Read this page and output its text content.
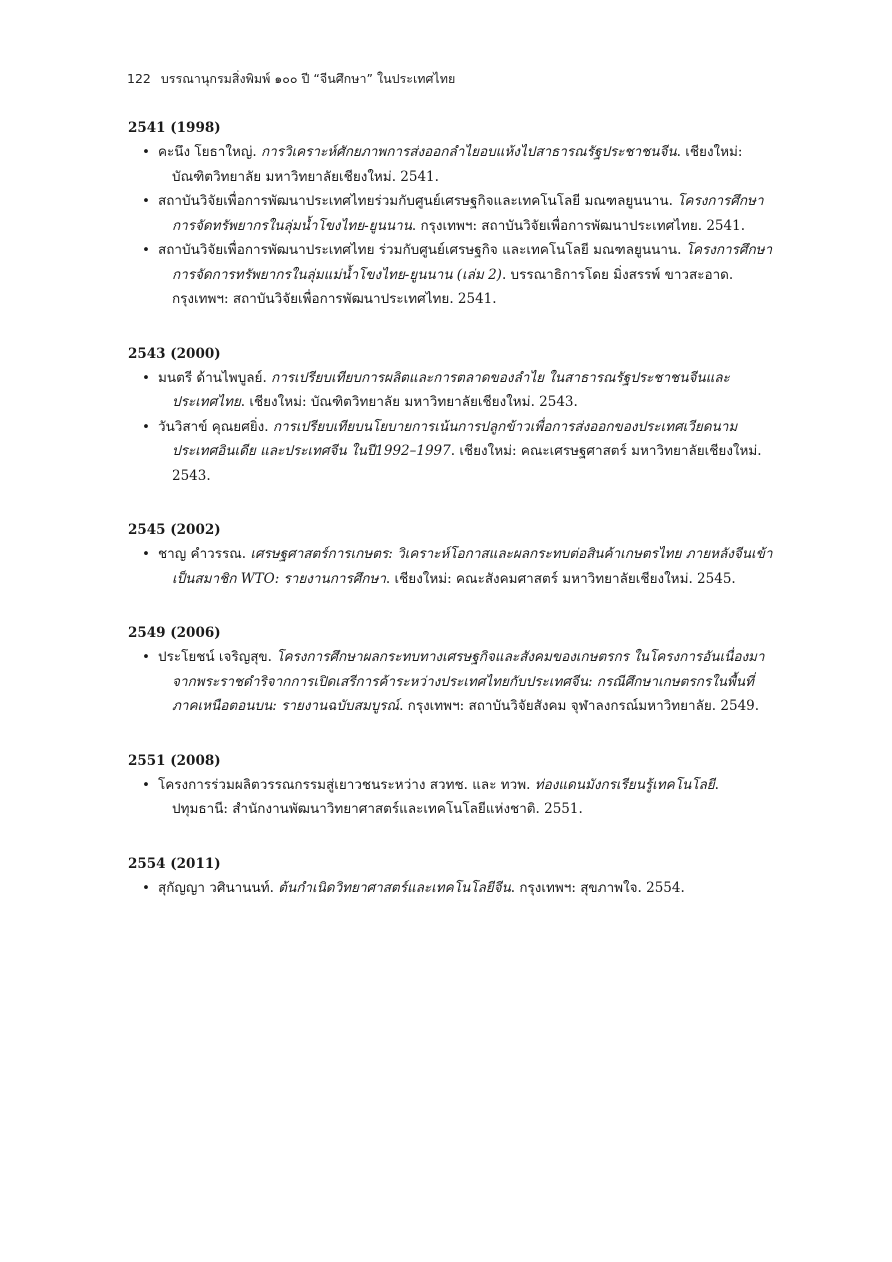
122 บรรณานุกรมสิ่งพิมพ์ ๑๐๐ ปี “จีนศึกษา” ในประเทศไทย
2541 (1998)
• คะนึง โยธาใหญ่. การวิเคราะห์ศักยภาพการส่งออกลำไยอบแห้งไปสาธารณรัฐประชาชนจีน. เชียงใหม่: บัณฑิตวิทยาลัย มหาวิทยาลัยเชียงใหม่. 2541.
• สถาบันวิจัยเพื่อการพัฒนาประเทศไทยร่วมกับศูนย์เศรษฐกิจและเทคโนโลยี มณฑลยูนนาน. โครงการศึกษาการจัดทรัพยากรในลุ่มน้ำโขงไทย-ยูนนาน. กรุงเทพฯ: สถาบันวิจัยเพื่อการพัฒนาประเทศไทย. 2541.
• สถาบันวิจัยเพื่อการพัฒนาประเทศไทย ร่วมกับศูนย์เศรษฐกิจ และเทคโนโลยี มณฑลยูนนาน. โครงการศึกษาการจัดการทรัพยากรในลุ่มแม่น้ำโขงไทย-ยูนนาน (เล่ม 2). บรรณาธิการโดย มิ่งสรรพ์ ขาวสะอาด. กรุงเทพฯ: สถาบันวิจัยเพื่อการพัฒนาประเทศไทย. 2541.
2543 (2000)
• มนตรี ด้านไพบูลย์. การเปรียบเทียบการผลิตและการตลาดของลำไย ในสาธารณรัฐประชาชนจีนและประเทศไทย. เชียงใหม่: บัณฑิตวิทยาลัย มหาวิทยาลัยเชียงใหม่. 2543.
• วันวิสาข์ คุณยศยิ่ง. การเปรียบเทียบนโยบายการเน้นการปลูกข้าวเพื่อการส่งออกของประเทศเวียดนาม ประเทศอินเดีย และประเทศจีน ในปี1992–1997. เชียงใหม่: คณะเศรษฐศาสตร์ มหาวิทยาลัยเชียงใหม่. 2543.
2545 (2002)
• ชาญ คำวรรณ. เศรษฐศาสตร์การเกษตร: วิเคราะห์โอกาสและผลกระทบต่อสินค้าเกษตรไทย ภายหลังจีนเข้าเป็นสมาชิก WTO: รายงานการศึกษา. เชียงใหม่: คณะสังคมศาสตร์ มหาวิทยาลัยเชียงใหม่. 2545.
2549 (2006)
• ประโยชน์ เจริญสุข. โครงการศึกษาผลกระทบทางเศรษฐกิจและสังคมของเกษตรกร ในโครงการอันเนื่องมาจากพระราชดำริจากการเปิดเสรีการค้าระหว่างประเทศไทยกับประเทศจีน: กรณีศึกษาเกษตรกรในพื้นที่ภาคเหนือตอนบน: รายงานฉบับสมบูรณ์. กรุงเทพฯ: สถาบันวิจัยสังคม จุฬาลงกรณ์มหาวิทยาลัย. 2549.
2551 (2008)
• โครงการร่วมผลิตวรรณกรรมสู่เยาวชนระหว่าง สวทช. และ ทวพ. ท่องแดนมังกรเรียนรู้เทคโนโลยี. ปทุมธานี: สำนักงานพัฒนาวิทยาศาสตร์และเทคโนโลยีแห่งชาติ. 2551.
2554 (2011)
• สุกัญญา วศินานนท์. ต้นกำเนิดวิทยาศาสตร์และเทคโนโลยีจีน. กรุงเทพฯ: สุขภาพใจ. 2554.
